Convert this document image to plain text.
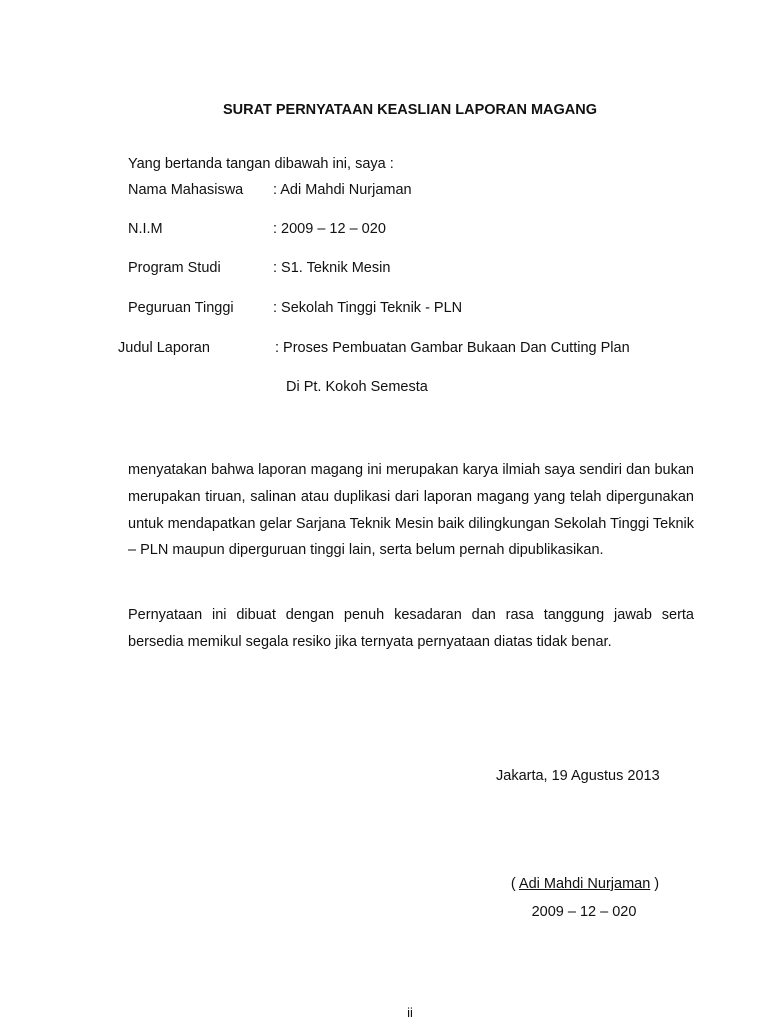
SURAT PERNYATAAN KEASLIAN LAPORAN MAGANG
Yang bertanda tangan dibawah ini, saya :
Nama Mahasiswa : Adi Mahdi Nurjaman
N.I.M	: 2009 – 12 – 020
Program Studi	: S1. Teknik Mesin
Peguruan Tinggi	: Sekolah Tinggi Teknik - PLN
Judul Laporan	: Proses Pembuatan Gambar Bukaan Dan Cutting Plan
Di Pt. Kokoh Semesta

menyatakan bahwa laporan magang ini merupakan karya ilmiah saya sendiri dan bukan merupakan tiruan, salinan atau duplikasi dari laporan magang yang telah dipergunakan untuk mendapatkan gelar Sarjana Teknik Mesin baik dilingkungan Sekolah Tinggi Teknik – PLN maupun diperguruan tinggi lain, serta belum pernah dipublikasikan.

Pernyataan ini dibuat dengan penuh kesadaran dan rasa tanggung jawab serta bersedia memikul segala resiko jika ternyata pernyataan diatas tidak benar.

Jakarta, 19 Agustus 2013
( Adi Mahdi Nurjaman )
2009 – 12 – 020
ii
